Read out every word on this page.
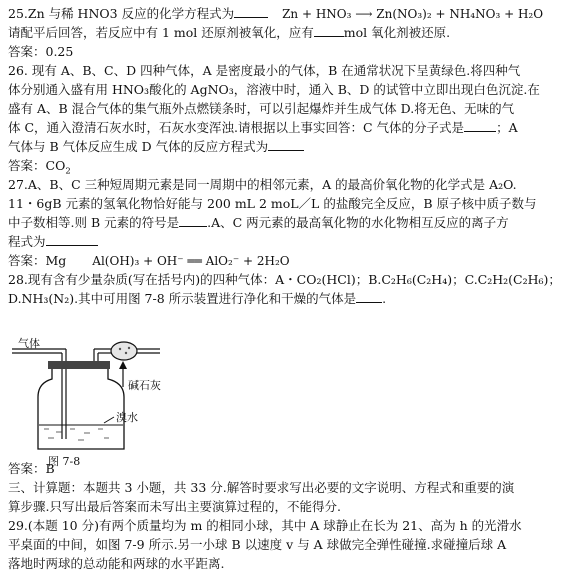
25.Zn 与稀 HNO3 反应的化学方程式为	Zn + HNO₃ ⟶ Zn(NO₃)₂ + NH₄NO₃ + H₂O
请配平后回答，若反应中有 1 mol 还原剂被氧化，应有 mol 氧化剂被还原.
答案：0.25
26. 现有 A、B、C、D 四种气体，A 是密度最小的气体，B 在通常状况下呈黄绿色.将四种气
体分别通入盛有用 HNO₃酸化的 AgNO₃，溶液中时，通入 B、D 的试管中立即出现白色沉淀.在
盛有 A、B 混合气体的集气瓶外点燃镁条时，可以引起爆炸并生成气体 D.将无色、无味的气
体 C，通入澄清石灰水时，石灰水变浑浊.请根据以上事实回答：C 气体的分子式是	；A
气体与 B 气体反应生成 D 气体的反应方程式为
答案：$CO_2$
27.A、B、C 三种短周期元素是同一周期中的相邻元素，A 的最高价氧化物的化学式是 A₂O.
11・6gB 元素的氢氧化物恰好能与 200 mL 2 moL／L 的盐酸完全反应，B 原子核中质子数与
中子数相等.则 B 元素的符号是 .A、C 两元素的最高氧化物的水化物相互反应的离子方
程式为
答案：Mg Al(OH)₃ + OH⁻ ══ AlO₂⁻ + 2H₂O
28.现有含有少量杂质(写在括号内)的四种气体：A・CO₂(HCl)；B.C₂H₆(C₂H₄)；C.C₂H₂(C₂H₆)；
D.NH₃(N₂).其中可用图 7-8 所示装置进行净化和干燥的气体是 .
气体
碱石灰
溴水
图 7-8
答案：B
三、计算题：本题共 3 小题，共 33 分.解答时要求写出必要的文字说明、方程式和重要的演
算步骤.只写出最后答案而未写出主要演算过程的，不能得分.
29.(本题 10 分)有两个质量均为 m 的相同小球，其中 A 球静止在长为 21、高为 h 的光滑水
平桌面的中间，如图 7-9 所示.另一小球 B 以速度 v 与 A 球做完全弹性碰撞.求碰撞后球 A
落地时两球的总动能和两球的水平距离.
